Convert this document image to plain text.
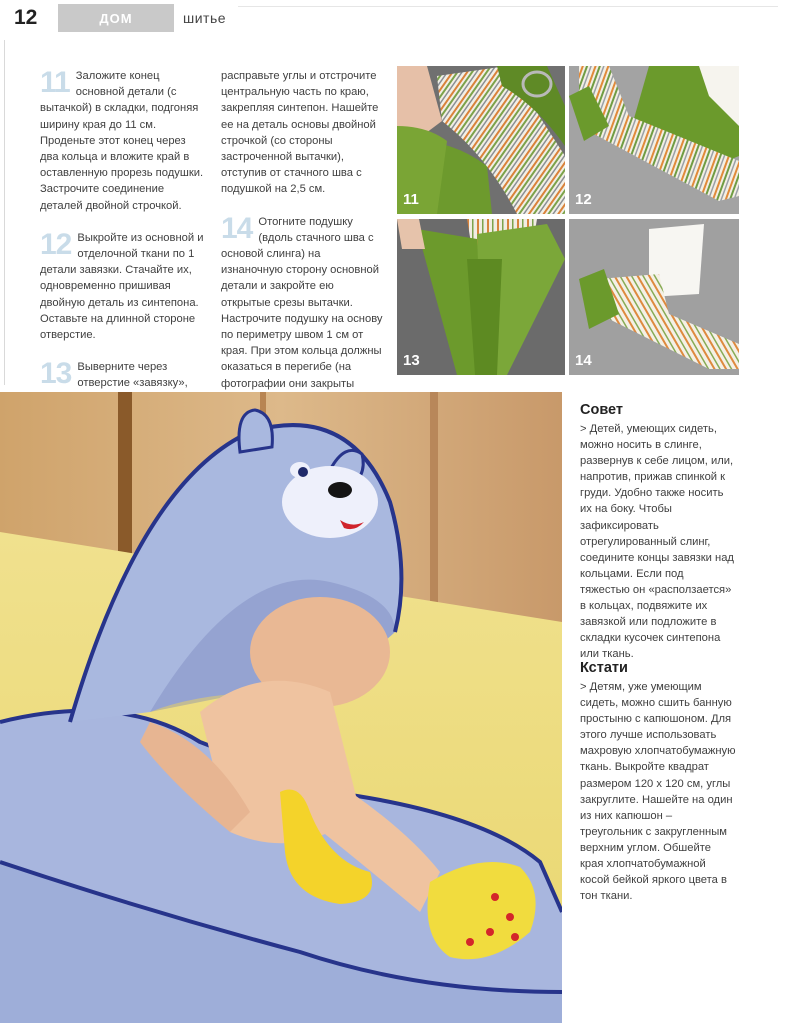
12	ДОМ	шитье
11 Заложите конец основной детали (с вытачкой) в складки, подгоняя ширину края до 11 см. Проденьте этот конец через два кольца и вложите край в оставленную прорезь подушки. Застрочите соединение деталей двойной строчкой.
12 Выкройте из основной и отделочной ткани по 1 детали завязки. Стачайте их, одновременно пришивая двойную деталь из синтепона. Оставьте на длинной стороне отверстие.
13 Выверните через отверстие «завязку»,
расправьте углы и отстрочите центральную часть по краю, закрепляя синтепон. Нашейте ее на деталь основы двойной строчкой (со стороны застроченной вытачки), отступив от стачного шва с подушкой на 2,5 см.
14 Отогните подушку (вдоль стачного шва с основой слинга) на изнаночную сторону основной детали и закройте ею открытые срезы вытачки. Настрочите подушку на основу по периметру швом 1 см от края. При этом кольца должны оказаться в перегибе (на фотографии они закрыты
11	12
13	14
Совет
> Детей, умеющих сидеть, можно носить в слинге, развернув к себе лицом, или, напротив, прижав спинкой к груди. Удобно также носить их на боку. Чтобы зафиксировать отрегулированный слинг, соедините концы завязки над кольцами. Если под тяжестью он «расползается» в кольцах, подвяжите их завязкой или подложите в складки кусочек синтепона или ткань.
Кстати
> Детям, уже умеющим сидеть, можно сшить банную простыню с капюшоном. Для этого лучше использовать махровую хлопчатобумажную ткань. Выкройте квадрат размером 120 х 120 см, углы закруглите. Нашейте на один из них капюшон – треугольник с закругленным верхним углом. Обшейте края хлопчатобумажной косой бейкой яркого цвета в тон ткани.
